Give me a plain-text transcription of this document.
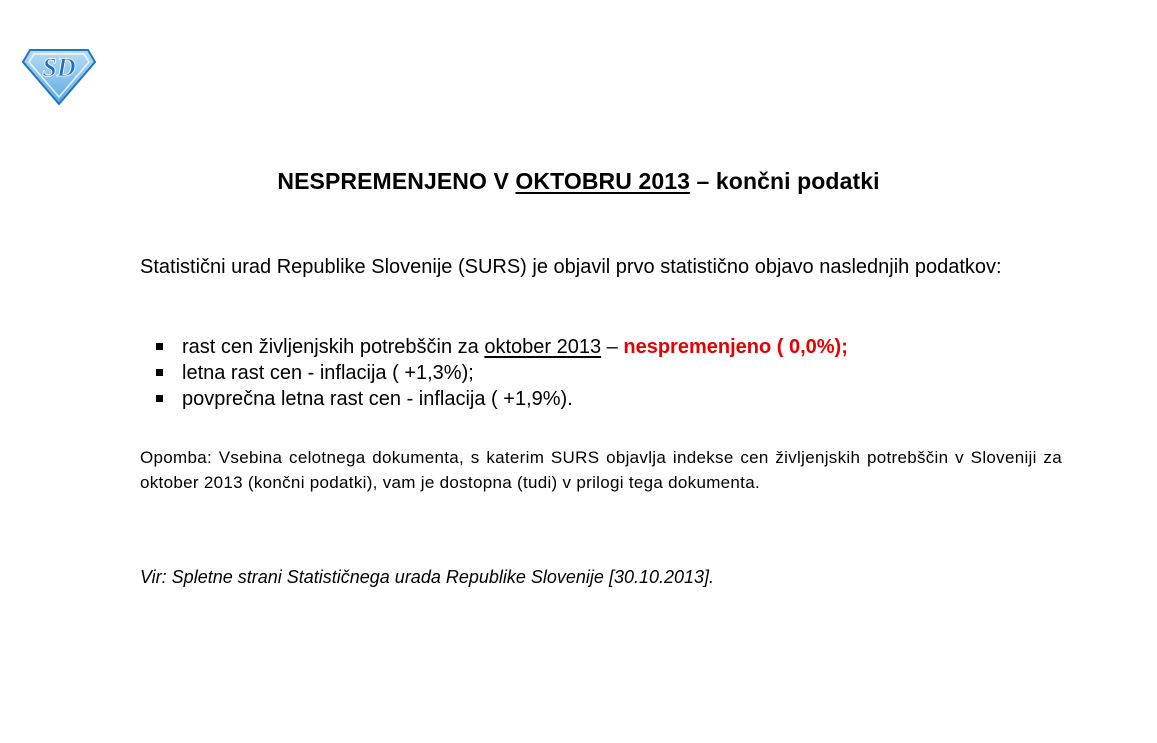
SD
NESPREMENJENO V OKTOBRU 2013 – končni podatki
Statistični urad Republike Slovenije (SURS) je objavil prvo statistično objavo naslednjih podatkov:
rast cen življenjskih potrebščin za oktober 2013 – nespremenjeno ( 0,0%);
letna rast cen - inflacija ( +1,3%);
povprečna letna rast cen - inflacija ( +1,9%).
Opomba: Vsebina celotnega dokumenta, s katerim SURS objavlja indekse cen življenjskih potrebščin v Sloveniji za oktober 2013 (končni podatki), vam je dostopna (tudi) v prilogi tega dokumenta.
Vir: Spletne strani Statističnega urada Republike Slovenije [30.10.2013].
